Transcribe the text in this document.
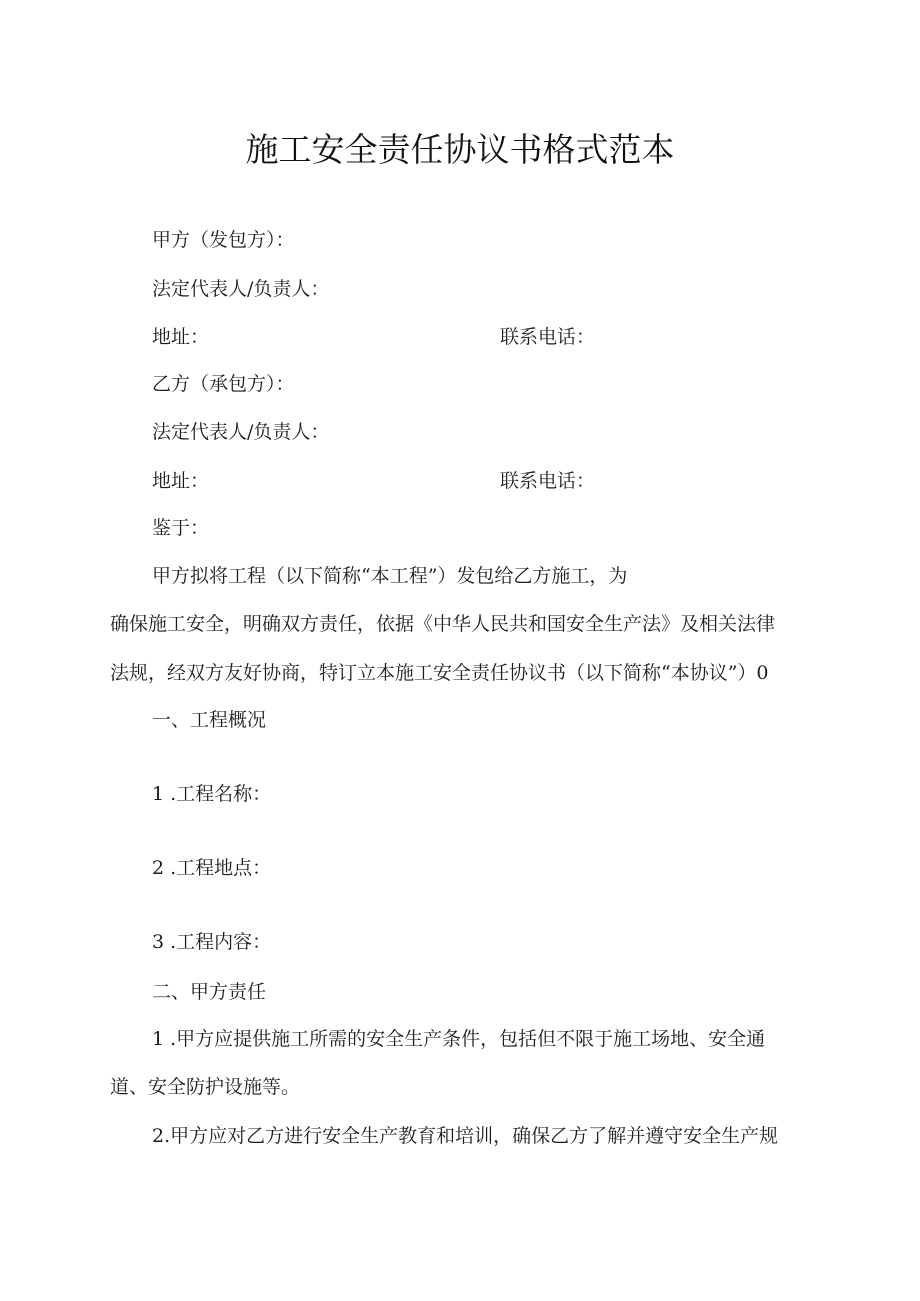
施工安全责任协议书格式范本
甲方（发包方）：
法定代表人/负责人：
地址：	联系电话：
乙方（承包方）：
法定代表人/负责人：
地址：	联系电话：
鉴于：
甲方拟将工程（以下简称“本工程”）发包给乙方施工，为
确保施工安全，明确双方责任，依据《中华人民共和国安全生产法》及相关法律
法规，经双方友好协商，特订立本施工安全责任协议书（以下简称“本协议”）0
一、工程概况
1 .工程名称：
2 .工程地点：
3 .工程内容：
二、甲方责任
1 .甲方应提供施工所需的安全生产条件，包括但不限于施工场地、安全通
道、安全防护设施等。
2.甲方应对乙方进行安全生产教育和培训，确保乙方了解并遵守安全生产规
